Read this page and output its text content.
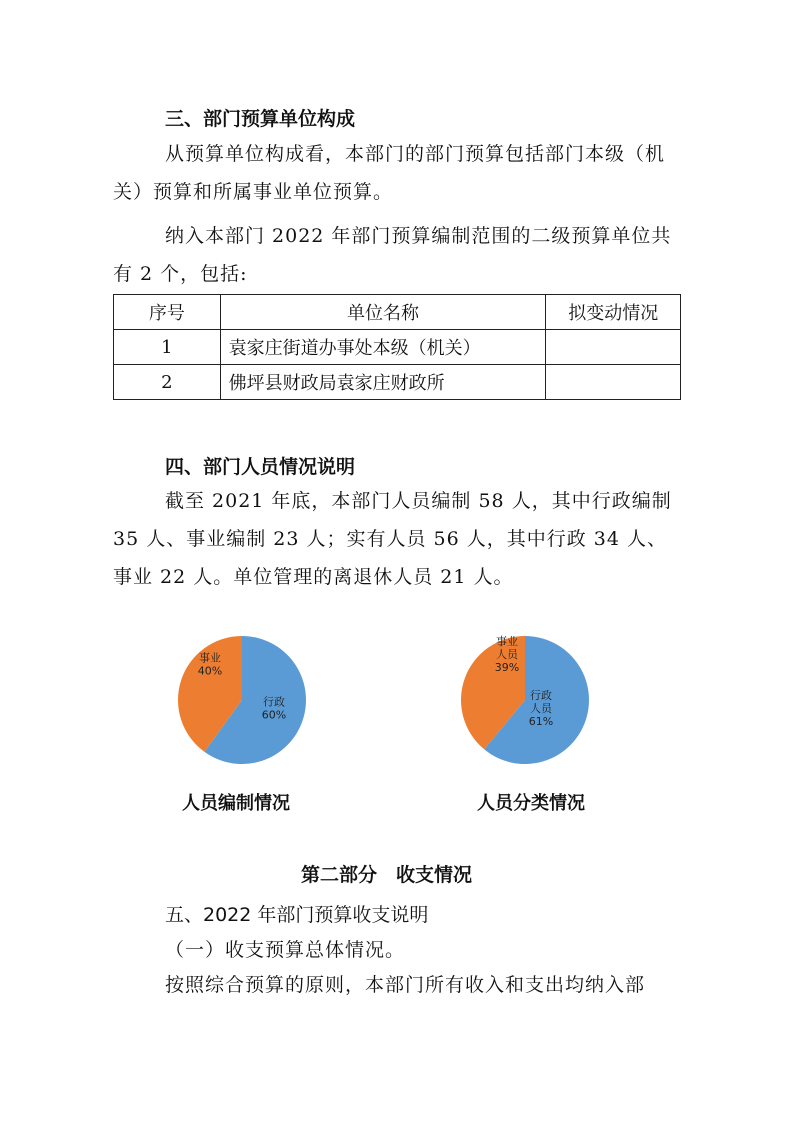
三、部门预算单位构成

从预算单位构成看，本部门的部门预算包括部门本级（机关）预算和所属事业单位预算。

纳入本部门 2022 年部门预算编制范围的二级预算单位共有 2 个，包括:

序号	单位名称	拟变动情况
1	袁家庄街道办事处本级（机关）	
2	佛坪县财政局袁家庄财政所	
四、部门人员情况说明

截至 2021 年底，本部门人员编制 58 人，其中行政编制 35 人、事业编制 23 人；实有人员 56 人，其中行政 34 人、事业 22 人。单位管理的离退休人员 21 人。

行政 60%
事业 40%
行政人员 61%
事业人员 39%

人员编制情况	人员分类情况

第二部分　收支情况
五、2022 年部门预算收支说明

（一）收支预算总体情况。

按照综合预算的原则，本部门所有收入和支出均纳入部
